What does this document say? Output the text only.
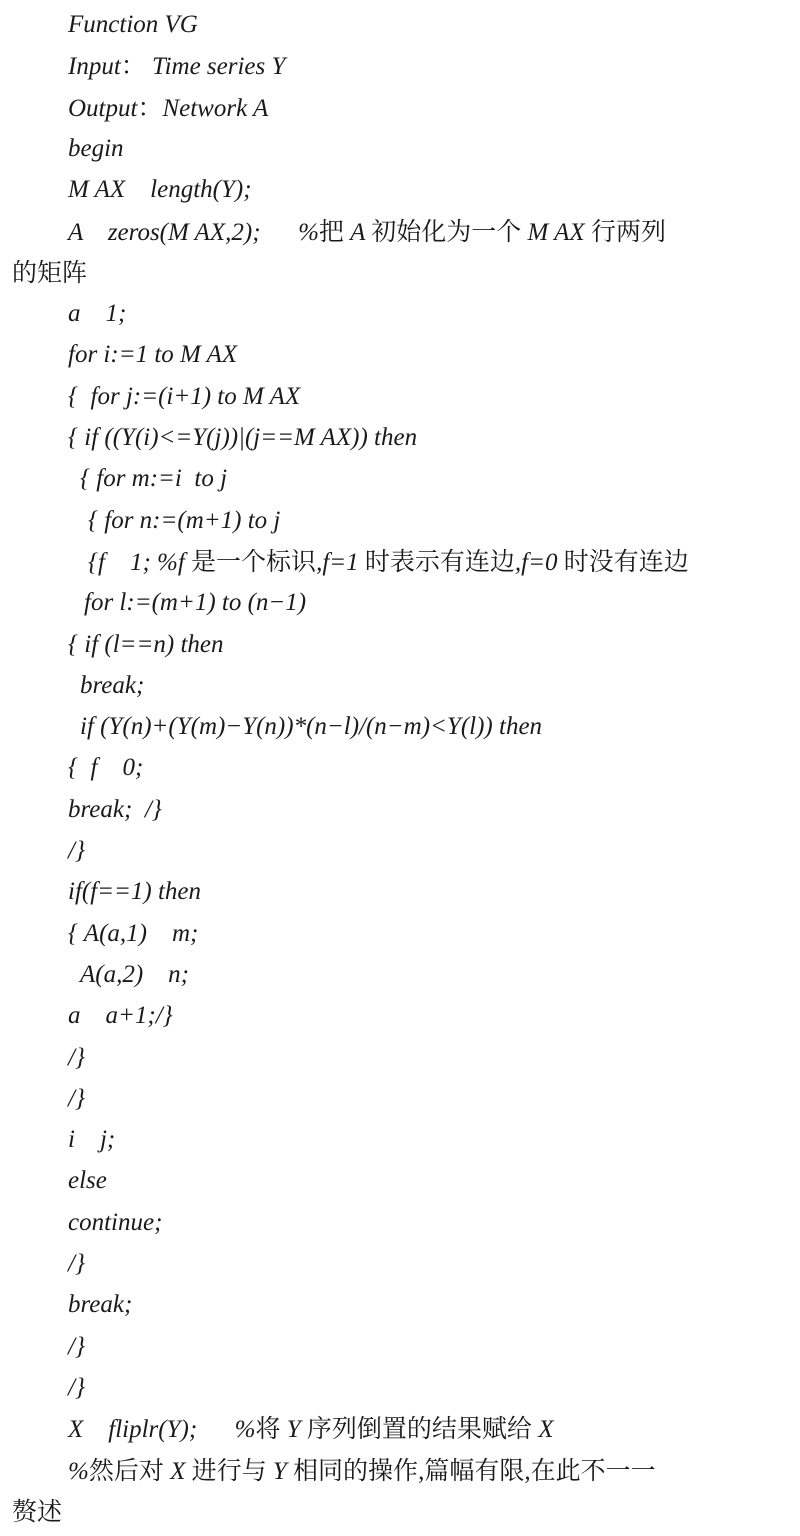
Function VG
Input： Time series Y
Output：Network A
begin
M AX    length(Y);
A    zeros(M AX,2);      %把 A 初始化为一个 M AX 行两列
的矩阵
a    1;
for i:=1 to M AX
{  for j:=(i+1) to M AX
{ if ((Y(i)<=Y(j))|(j==M AX)) then
{ for m:=i  to j
{ for n:=(m+1) to j
{f    1; %f 是一个标识,f=1 时表示有连边,f=0 时没有连边
for l:=(m+1) to (n−1)
{ if (l==n) then
break;
if (Y(n)+(Y(m)−Y(n))*(n−l)/(n−m)<Y(l)) then
{  f    0;
break;  /}
/}
if(f==1) then
{ A(a,1)    m;
A(a,2)    n;
a    a+1;/}
/}
/}
i    j;
else
continue;
/}
break;
/}
/}
X    fliplr(Y);      %将 Y 序列倒置的结果赋给 X
%然后对 X 进行与 Y 相同的操作,篇幅有限,在此不一一
赘述
